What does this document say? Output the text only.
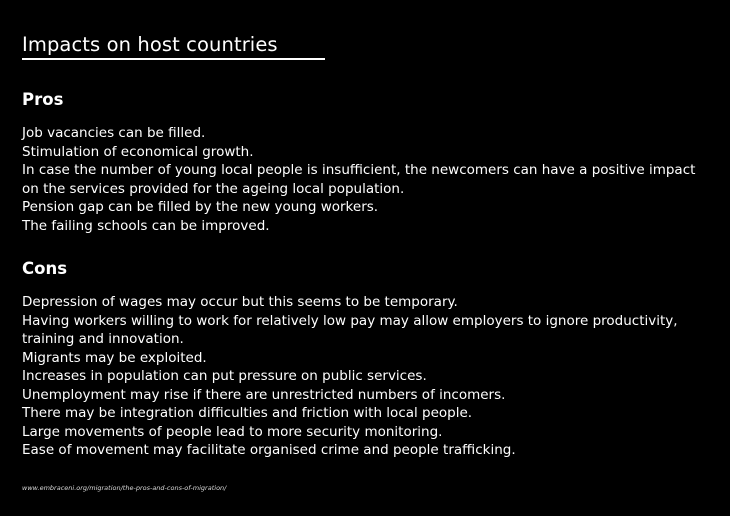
Impacts on host countries
Pros
Job vacancies can be filled.
Stimulation of economical growth.
In case the number of young local people is insufficient, the newcomers can have a positive impact on the services provided for the ageing local population.
Pension gap can be filled by the new young workers.
The failing schools can be improved.
Cons
Depression of wages may occur but this seems to be temporary.
Having workers willing to work for relatively low pay may allow employers to ignore productivity, training and innovation.
Migrants may be exploited.
Increases in population can put pressure on public services.
Unemployment may rise if there are unrestricted numbers of incomers.
There may be integration difficulties and friction with local people.
Large movements of people lead to more security monitoring.
Ease of movement may facilitate organised crime and people trafficking.

www.embraceni.org/migration/the-pros-and-cons-of-migration/
